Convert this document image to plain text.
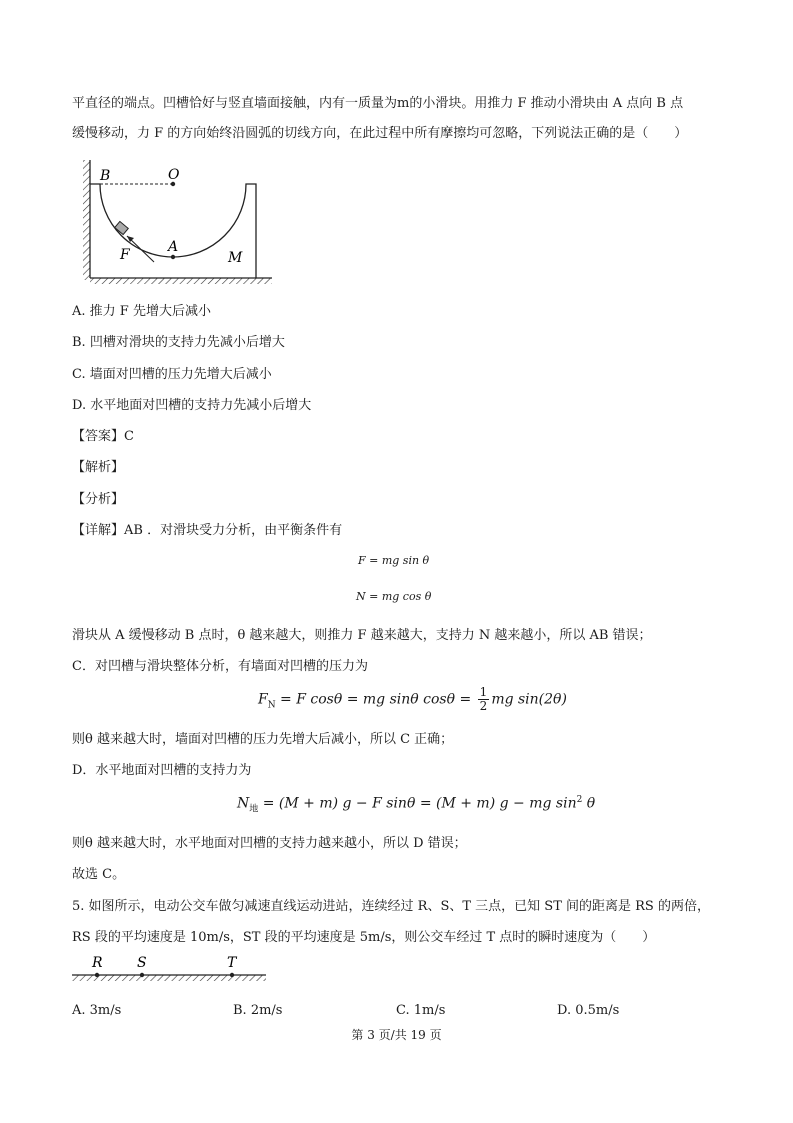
平直径的端点。凹槽恰好与竖直墙面接触，内有一质量为m的小滑块。用推力 F 推动小滑块由 A 点向 B 点
缓慢移动，力 F 的方向始终沿圆弧的切线方向，在此过程中所有摩擦均可忽略，下列说法正确的是（　　）
B	O
A
F	M
A. 推力 F 先增大后减小
B. 凹槽对滑块的支持力先减小后增大
C. 墙面对凹槽的压力先增大后减小
D. 水平地面对凹槽的支持力先减小后增大
【答案】C
【解析】
【分析】
【详解】AB ．对滑块受力分析，由平衡条件有
F = mg sin θ
N = mg cos θ
滑块从 A 缓慢移动 B 点时，θ 越来越大，则推力 F 越来越大，支持力 N 越来越小，所以 AB 错误；
C．对凹槽与滑块整体分析，有墙面对凹槽的压力为
$F_N = F$ cosθ = mg sinθ $\cos\theta = \frac{1}{2}$ mg sin(2θ)
则θ 越来越大时，墙面对凹槽的压力先增大后减小，所以 C 正确；
D．水平地面对凹槽的支持力为
$N_地 = (M + m) g - F$ sinθ = (M + m) g − mg $\sin^2 \theta$
则θ 越来越大时，水平地面对凹槽的支持力越来越小，所以 D 错误；
故选 C。
5. 如图所示，电动公交车做匀减速直线运动进站，连续经过 R、S、T 三点，已知 ST 间的距离是 RS 的两倍，
RS 段的平均速度是 10m/s，ST 段的平均速度是 5m/s，则公交车经过 T 点时的瞬时速度为（　　）
R S	T
A. 3m/s	B. 2m/s	C. 1m/s	D. 0.5m/s
第 3 页/共 19 页
